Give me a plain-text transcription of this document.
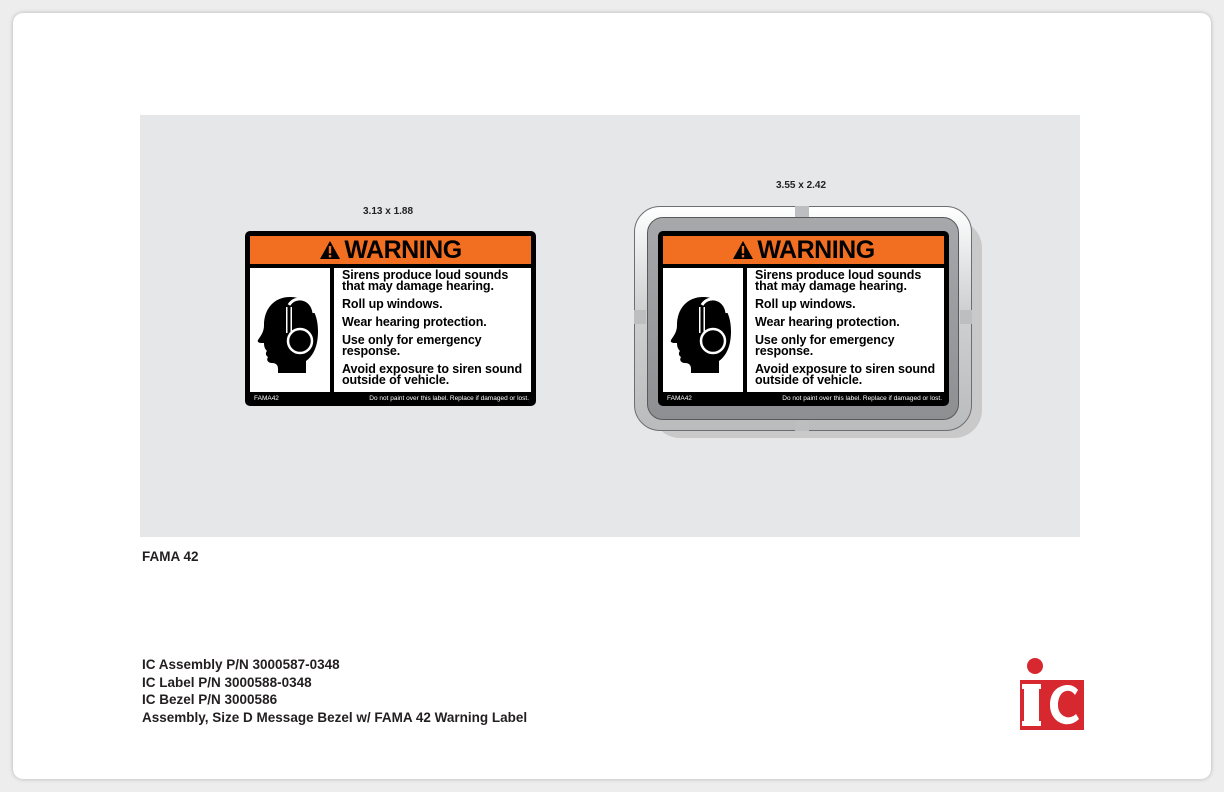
3.13 x 1.88
WARNING
Sirens produce loud sounds that may damage hearing.
Roll up windows.
Wear hearing protection.
Use only for emergency response.
Avoid exposure to siren sound outside of vehicle.
FAMA42	Do not paint over this label. Replace if damaged or lost.
3.55 x 2.42
WARNING
Sirens produce loud sounds that may damage hearing.
Roll up windows.
Wear hearing protection.
Use only for emergency response.
Avoid exposure to siren sound outside of vehicle.
FAMA42	Do not paint over this label. Replace if damaged or lost.
FAMA 42
IC Assembly P/N 3000587-0348
IC Label P/N 3000588-0348
IC Bezel P/N 3000586
Assembly, Size D Message Bezel w/ FAMA 42 Warning Label
